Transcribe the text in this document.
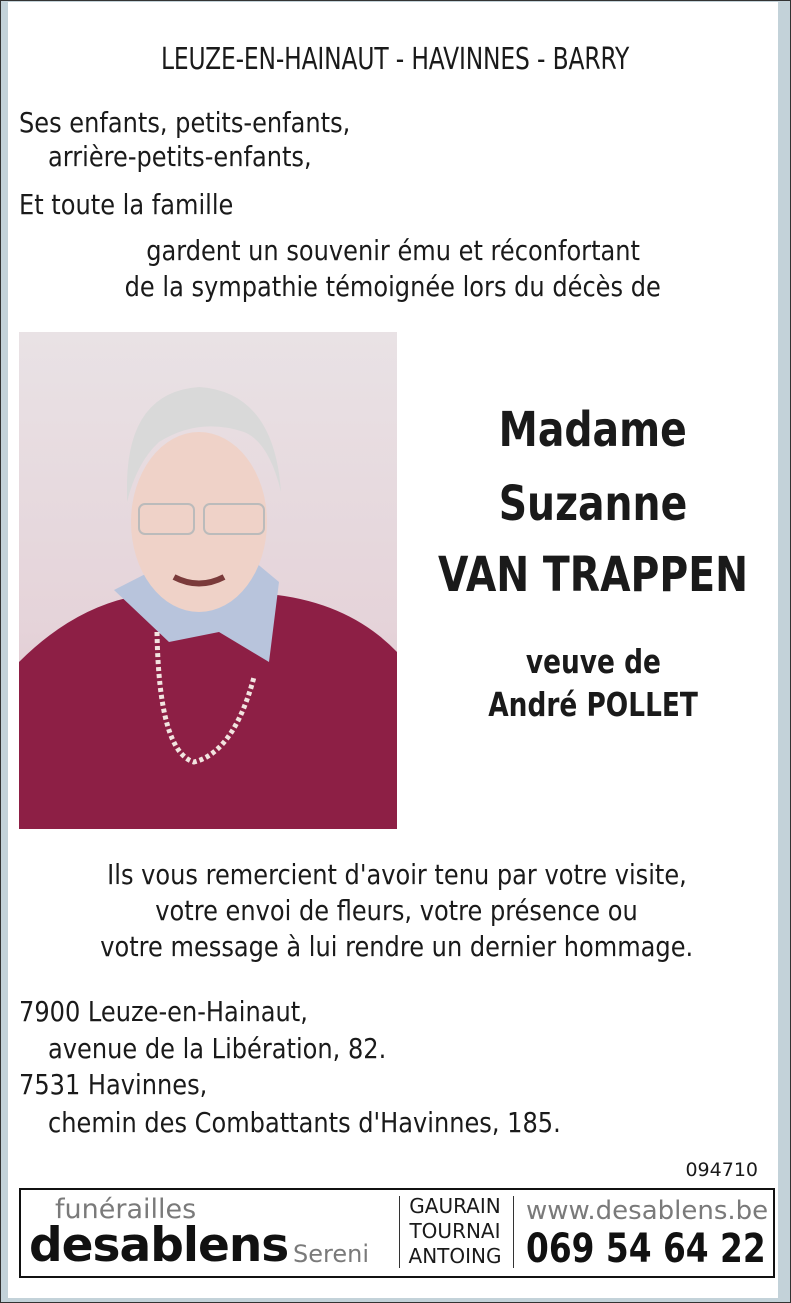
LEUZE-EN-HAINAUT - HAVINNES - BARRY
Ses enfants, petits-enfants,
arrière-petits-enfants,
Et toute la famille
gardent un souvenir ému et réconfortant
de la sympathie témoignée lors du décès de
Madame
Suzanne
VAN TRAPPEN
veuve de
André POLLET
Ils vous remercient d'avoir tenu par votre visite,
votre envoi de fleurs, votre présence ou
votre message à lui rendre un dernier hommage.
7900 Leuze-en-Hainaut,
avenue de la Libération, 82.
7531 Havinnes,
chemin des Combattants d'Havinnes, 185.
094710
funérailles
desablens Sereni
GAURAIN
TOURNAI
ANTOING
www.desablens.be
069 54 64 22
